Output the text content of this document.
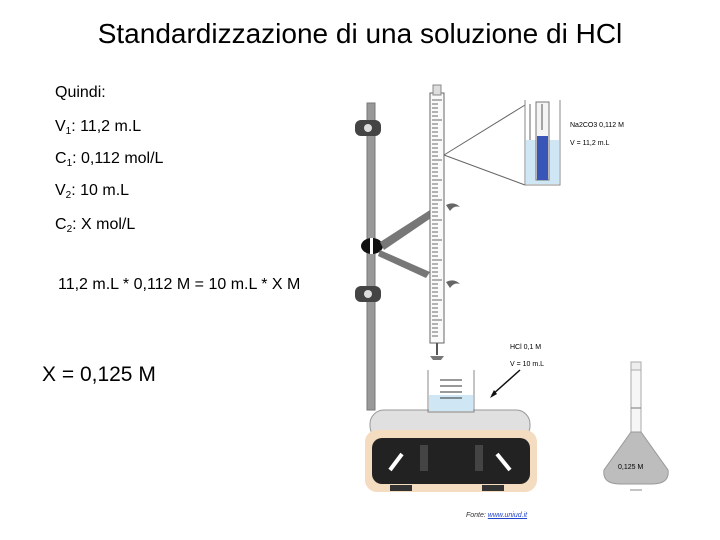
Standardizzazione di una soluzione di HCl
Quindi:
$V_1$: 11,2 m.L
$C_1$: 0,112 mol/L
$V_2$: 10 m.L
$C_2$: X mol/L
11,2 m.L * 0,112 M = 10 m.L * X M
X = 0,125 M
Na2CO3 0,112 M
V = 11,2 m.L
HCl 0,1 M
V = 10 m.L
0,125 M
Fonte: www.uniud.it
